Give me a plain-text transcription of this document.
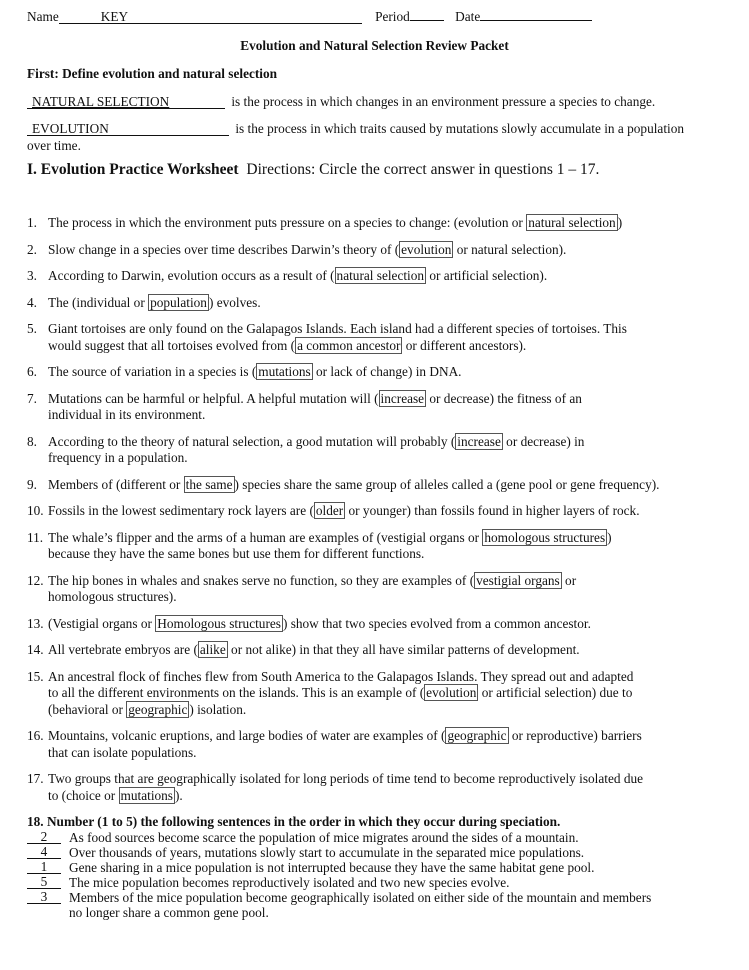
Name	KEY	Period	Date
Evolution and Natural Selection Review Packet
First: Define evolution and natural selection
NATURAL SELECTION	is the process in which changes in an environment pressure a species to change.
EVOLUTION	is the process in which traits caused by mutations slowly accumulate in a population
over time.
I. Evolution Practice Worksheet Directions: Circle the correct answer in questions 1 – 17.
1. The process in which the environment puts pressure on a species to change: (evolution or natural selection )
2. Slow change in a species over time describes Darwin’s theory of ( evolution or natural selection).
3. According to Darwin, evolution occurs as a result of ( natural selection or artificial selection).
4. The (individual or population ) evolves.
5. Giant tortoises are only found on the Galapagos Islands. Each island had a different species of tortoises. This
would suggest that all tortoises evolved from ( a common ancestor or different ancestors).
6. The source of variation in a species is ( mutations or lack of change) in DNA.
7. Mutations can be harmful or helpful. A helpful mutation will ( increase or decrease) the fitness of an
individual in its environment.
8. According to the theory of natural selection, a good mutation will probably ( increase or decrease) in
frequency in a population.
9. Members of (different or the same ) species share the same group of alleles called a (gene pool or gene frequency).
10. Fossils in the lowest sedimentary rock layers are ( older or younger) than fossils found in higher layers of rock.
11. The whale’s flipper and the arms of a human are examples of (vestigial organs or homologous structures )
because they have the same bones but use them for different functions.
12. The hip bones in whales and snakes serve no function, so they are examples of ( vestigial organs or
homologous structures).
13. (Vestigial organs or Homologous structures ) show that two species evolved from a common ancestor.
14. All vertebrate embryos are ( alike or not alike) in that they all have similar patterns of development.
15. An ancestral flock of finches flew from South America to the Galapagos Islands. They spread out and adapted
to all the different environments on the islands. This is an example of ( evolution or artificial selection) due to
(behavioral or geographic ) isolation.
16. Mountains, volcanic eruptions, and large bodies of water are examples of ( geographic or reproductive) barriers
that can isolate populations.
17. Two groups that are geographically isolated for long periods of time tend to become reproductively isolated due
to (choice or mutations ).
18. Number (1 to 5) the following sentences in the order in which they occur during speciation.
2	As food sources become scarce the population of mice migrates around the sides of a mountain.
4	Over thousands of years, mutations slowly start to accumulate in the separated mice populations.
1	Gene sharing in a mice population is not interrupted because they have the same habitat gene pool.
5	The mice population becomes reproductively isolated and two new species evolve.
3	Members of the mice population become geographically isolated on either side of the mountain and members
no longer share a common gene pool.
